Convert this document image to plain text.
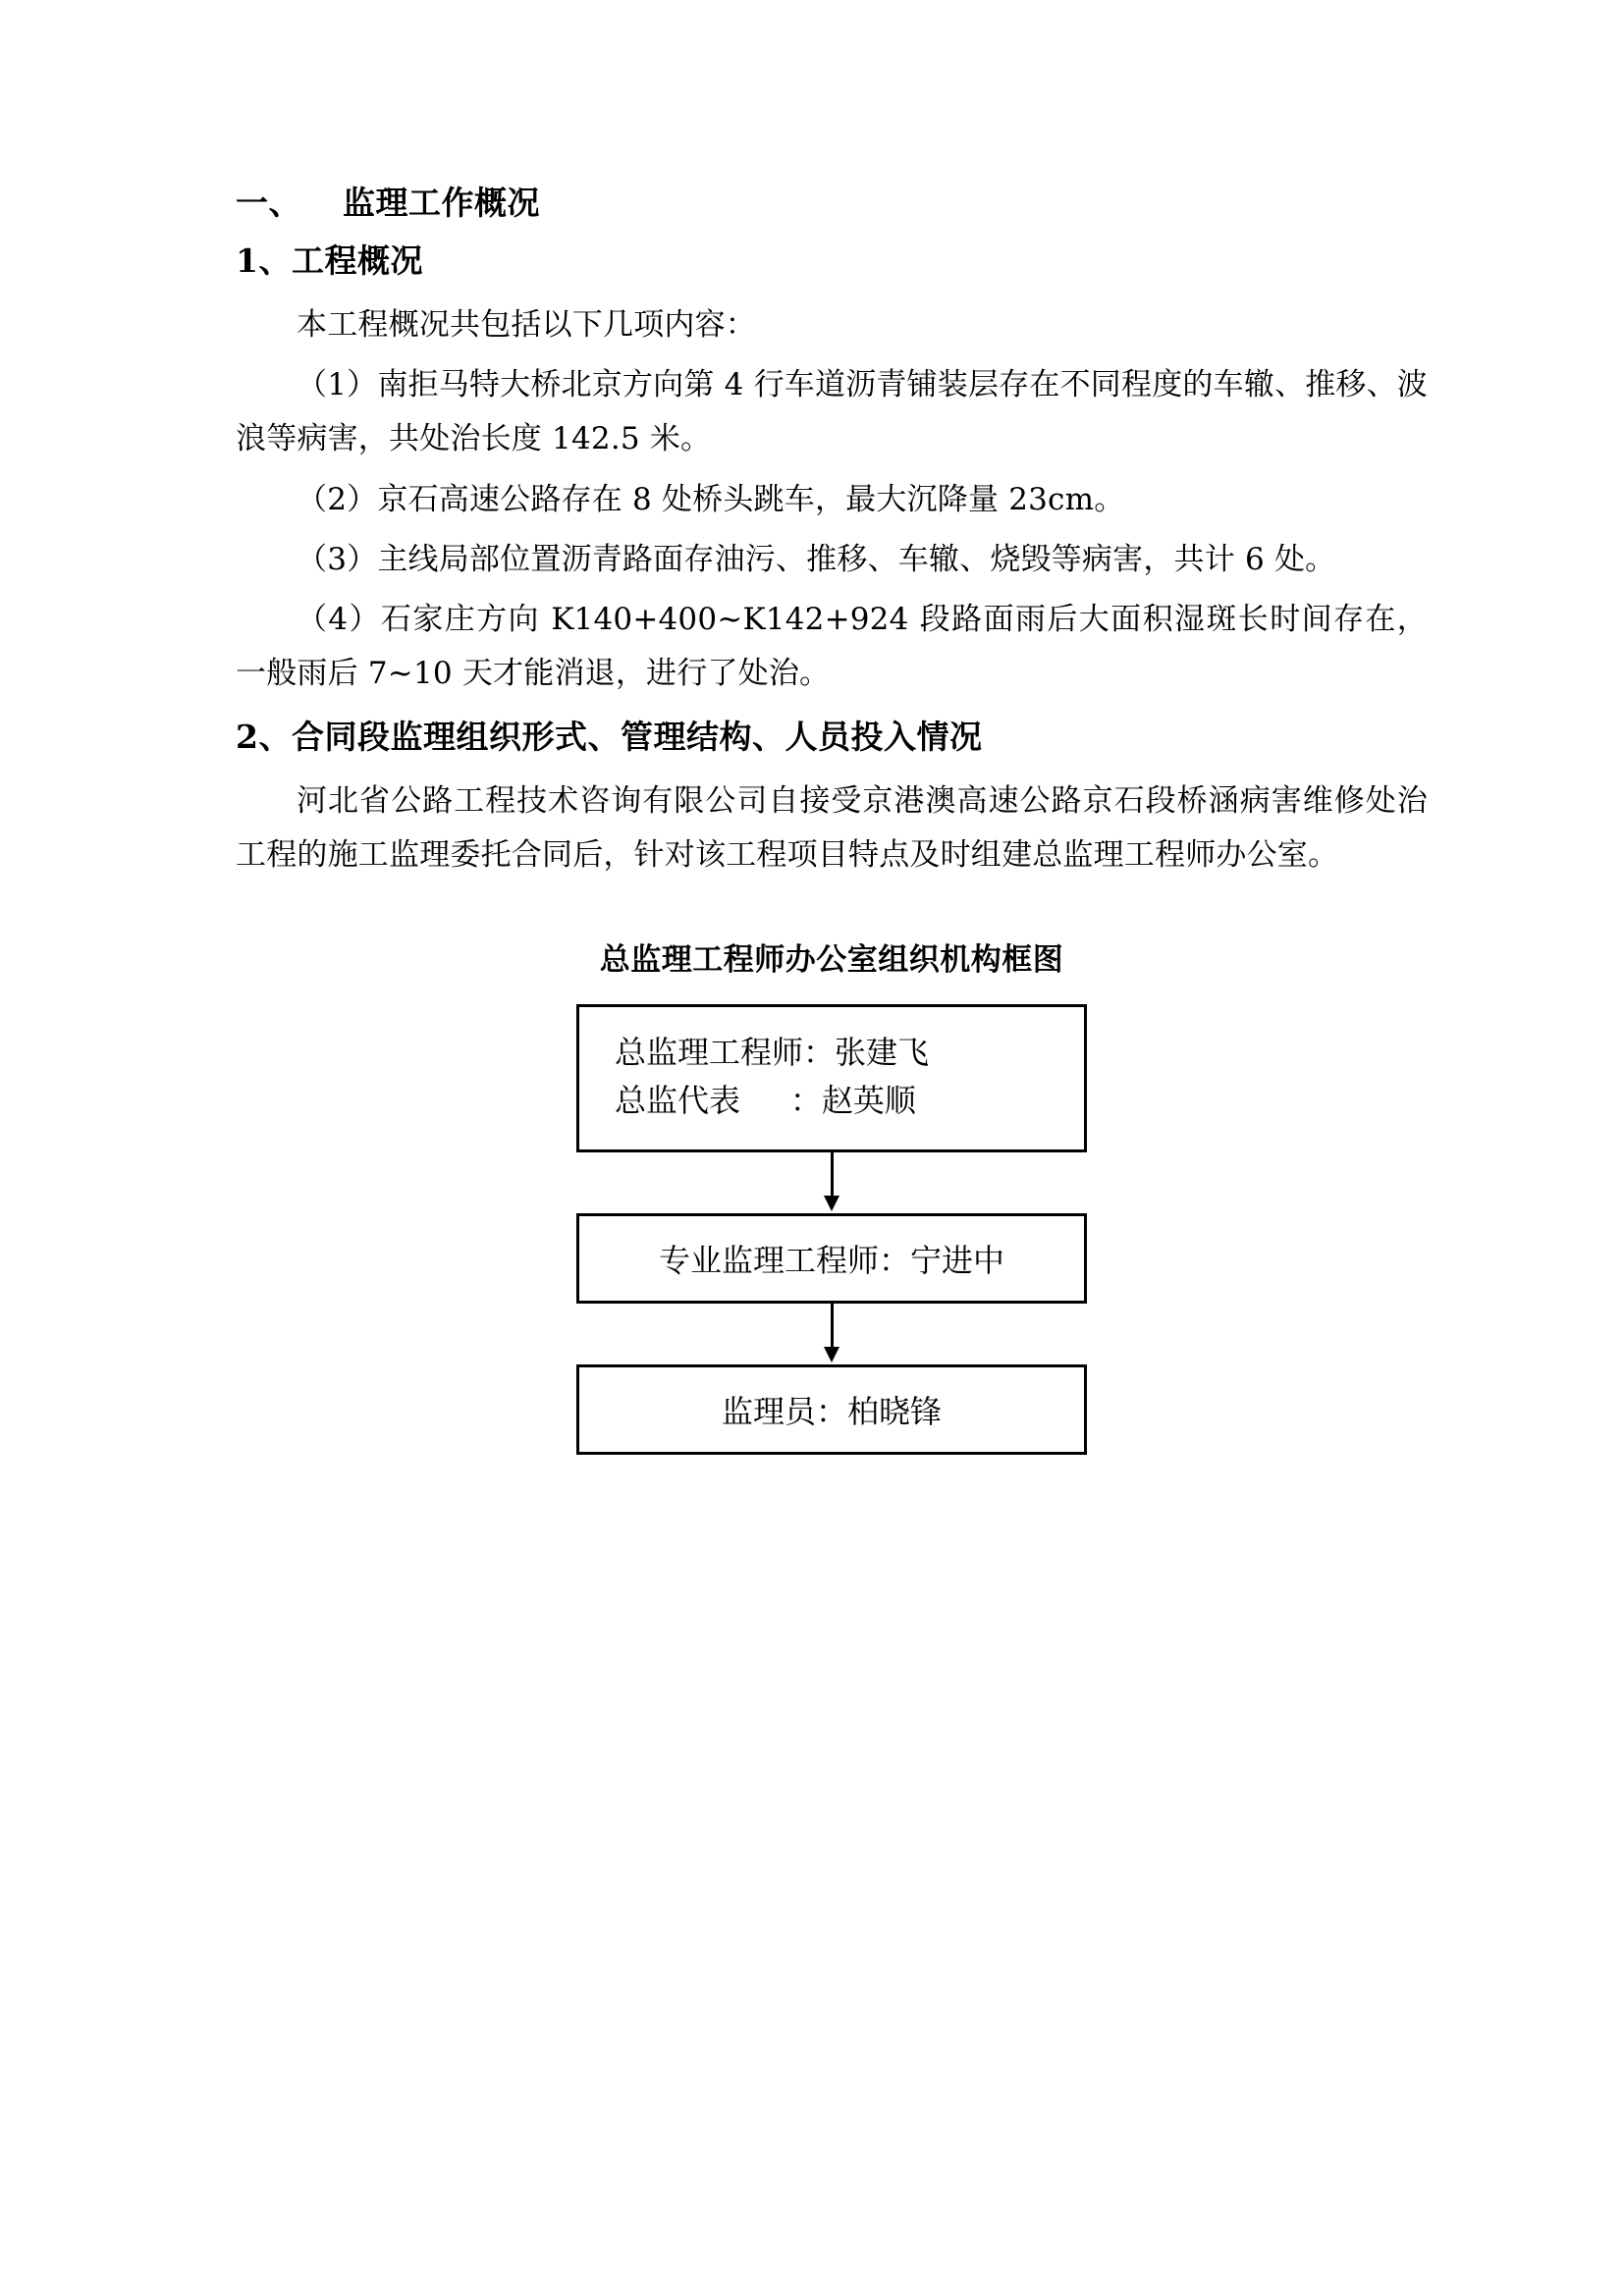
一、 监理工作概况
1、工程概况

本工程概况共包括以下几项内容：

（1）南拒马特大桥北京方向第 4 行车道沥青铺装层存在不同程度的车辙、推移、波浪等病害，共处治长度 142.5 米。

（2）京石高速公路存在 8 处桥头跳车，最大沉降量 23cm。

（3）主线局部位置沥青路面存油污、推移、车辙、烧毁等病害，共计 6 处。

（4）石家庄方向 K140+400~K142+924 段路面雨后大面积湿斑长时间存在，一般雨后 7~10 天才能消退，进行了处治。

2、合同段监理组织形式、管理结构、人员投入情况

河北省公路工程技术咨询有限公司自接受京港澳高速公路京石段桥涵病害维修处治工程的施工监理委托合同后，针对该工程项目特点及时组建总监理工程师办公室。

总监理工程师办公室组织机构框图
总监理工程师：张建飞
总监代表     ：赵英顺
专业监理工程师：宁进中
监理员：柏晓锋
